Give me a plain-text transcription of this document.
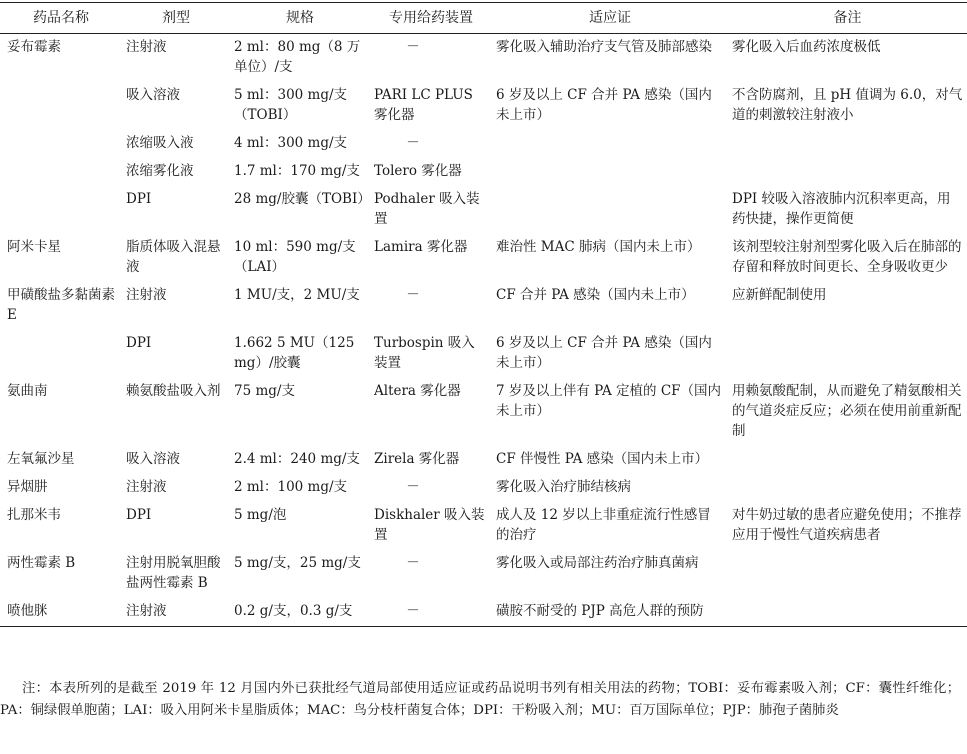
药品名称	剂型	规格	专用给药装置	适应证	备注
妥布霉素	注射液	2 ml：80 mg（8 万单位）/支	－	雾化吸入辅助治疗支气管及肺部感染	雾化吸入后血药浓度极低
	吸入溶液	5 ml：300 mg/支（TOBI）	PARI LC PLUS 雾化器	6 岁及以上 CF 合并 PA 感染（国内未上市）	不含防腐剂，且 pH 值调为 6.0，对气道的刺激较注射液小
	浓缩吸入液	4 ml：300 mg/支	－		
	浓缩雾化液	1.7 ml：170 mg/支	Tolero 雾化器		
	DPI	28 mg/胶囊（TOBI）	Podhaler 吸入装置		DPI 较吸入溶液肺内沉积率更高，用药快捷，操作更简便
阿米卡星	脂质体吸入混悬液	10 ml：590 mg/支（LAI）	Lamira 雾化器	难治性 MAC 肺病（国内未上市）	该剂型较注射剂型雾化吸入后在肺部的存留和释放时间更长、全身吸收更少
甲磺酸盐多黏菌素 E	注射液	1 MU/支，2 MU/支	－	CF 合并 PA 感染（国内未上市）	应新鲜配制使用
	DPI	1.662 5 MU（125 mg）/胶囊	Turbospin 吸入装置	6 岁及以上 CF 合并 PA 感染（国内未上市）	
氨曲南	赖氨酸盐吸入剂	75 mg/支	Altera 雾化器	7 岁及以上伴有 PA 定植的 CF（国内未上市）	用赖氨酸配制，从而避免了精氨酸相关的气道炎症反应；必须在使用前重新配制
左氧氟沙星	吸入溶液	2.4 ml：240 mg/支	Zirela 雾化器	CF 伴慢性 PA 感染（国内未上市）	
异烟肼	注射液	2 ml：100 mg/支	－	雾化吸入治疗肺结核病	
扎那米韦	DPI	5 mg/泡	Diskhaler 吸入装置	成人及 12 岁以上非重症流行性感冒的治疗	对牛奶过敏的患者应避免使用；不推荐应用于慢性气道疾病患者
两性霉素 B	注射用脱氧胆酸盐两性霉素 B	5 mg/支，25 mg/支	－	雾化吸入或局部注药治疗肺真菌病	
喷他脒	注射液	0.2 g/支，0.3 g/支	－	磺胺不耐受的 PJP 高危人群的预防	
注：本表所列的是截至 2019 年 12 月国内外已获批经气道局部使用适应证或药品说明书列有相关用法的药物；TOBI：妥布霉素吸入剂；CF：囊性纤维化；PA：铜绿假单胞菌；LAI：吸入用阿米卡星脂质体；MAC：鸟分枝杆菌复合体；DPI：干粉吸入剂；MU：百万国际单位；PJP：肺孢子菌肺炎
